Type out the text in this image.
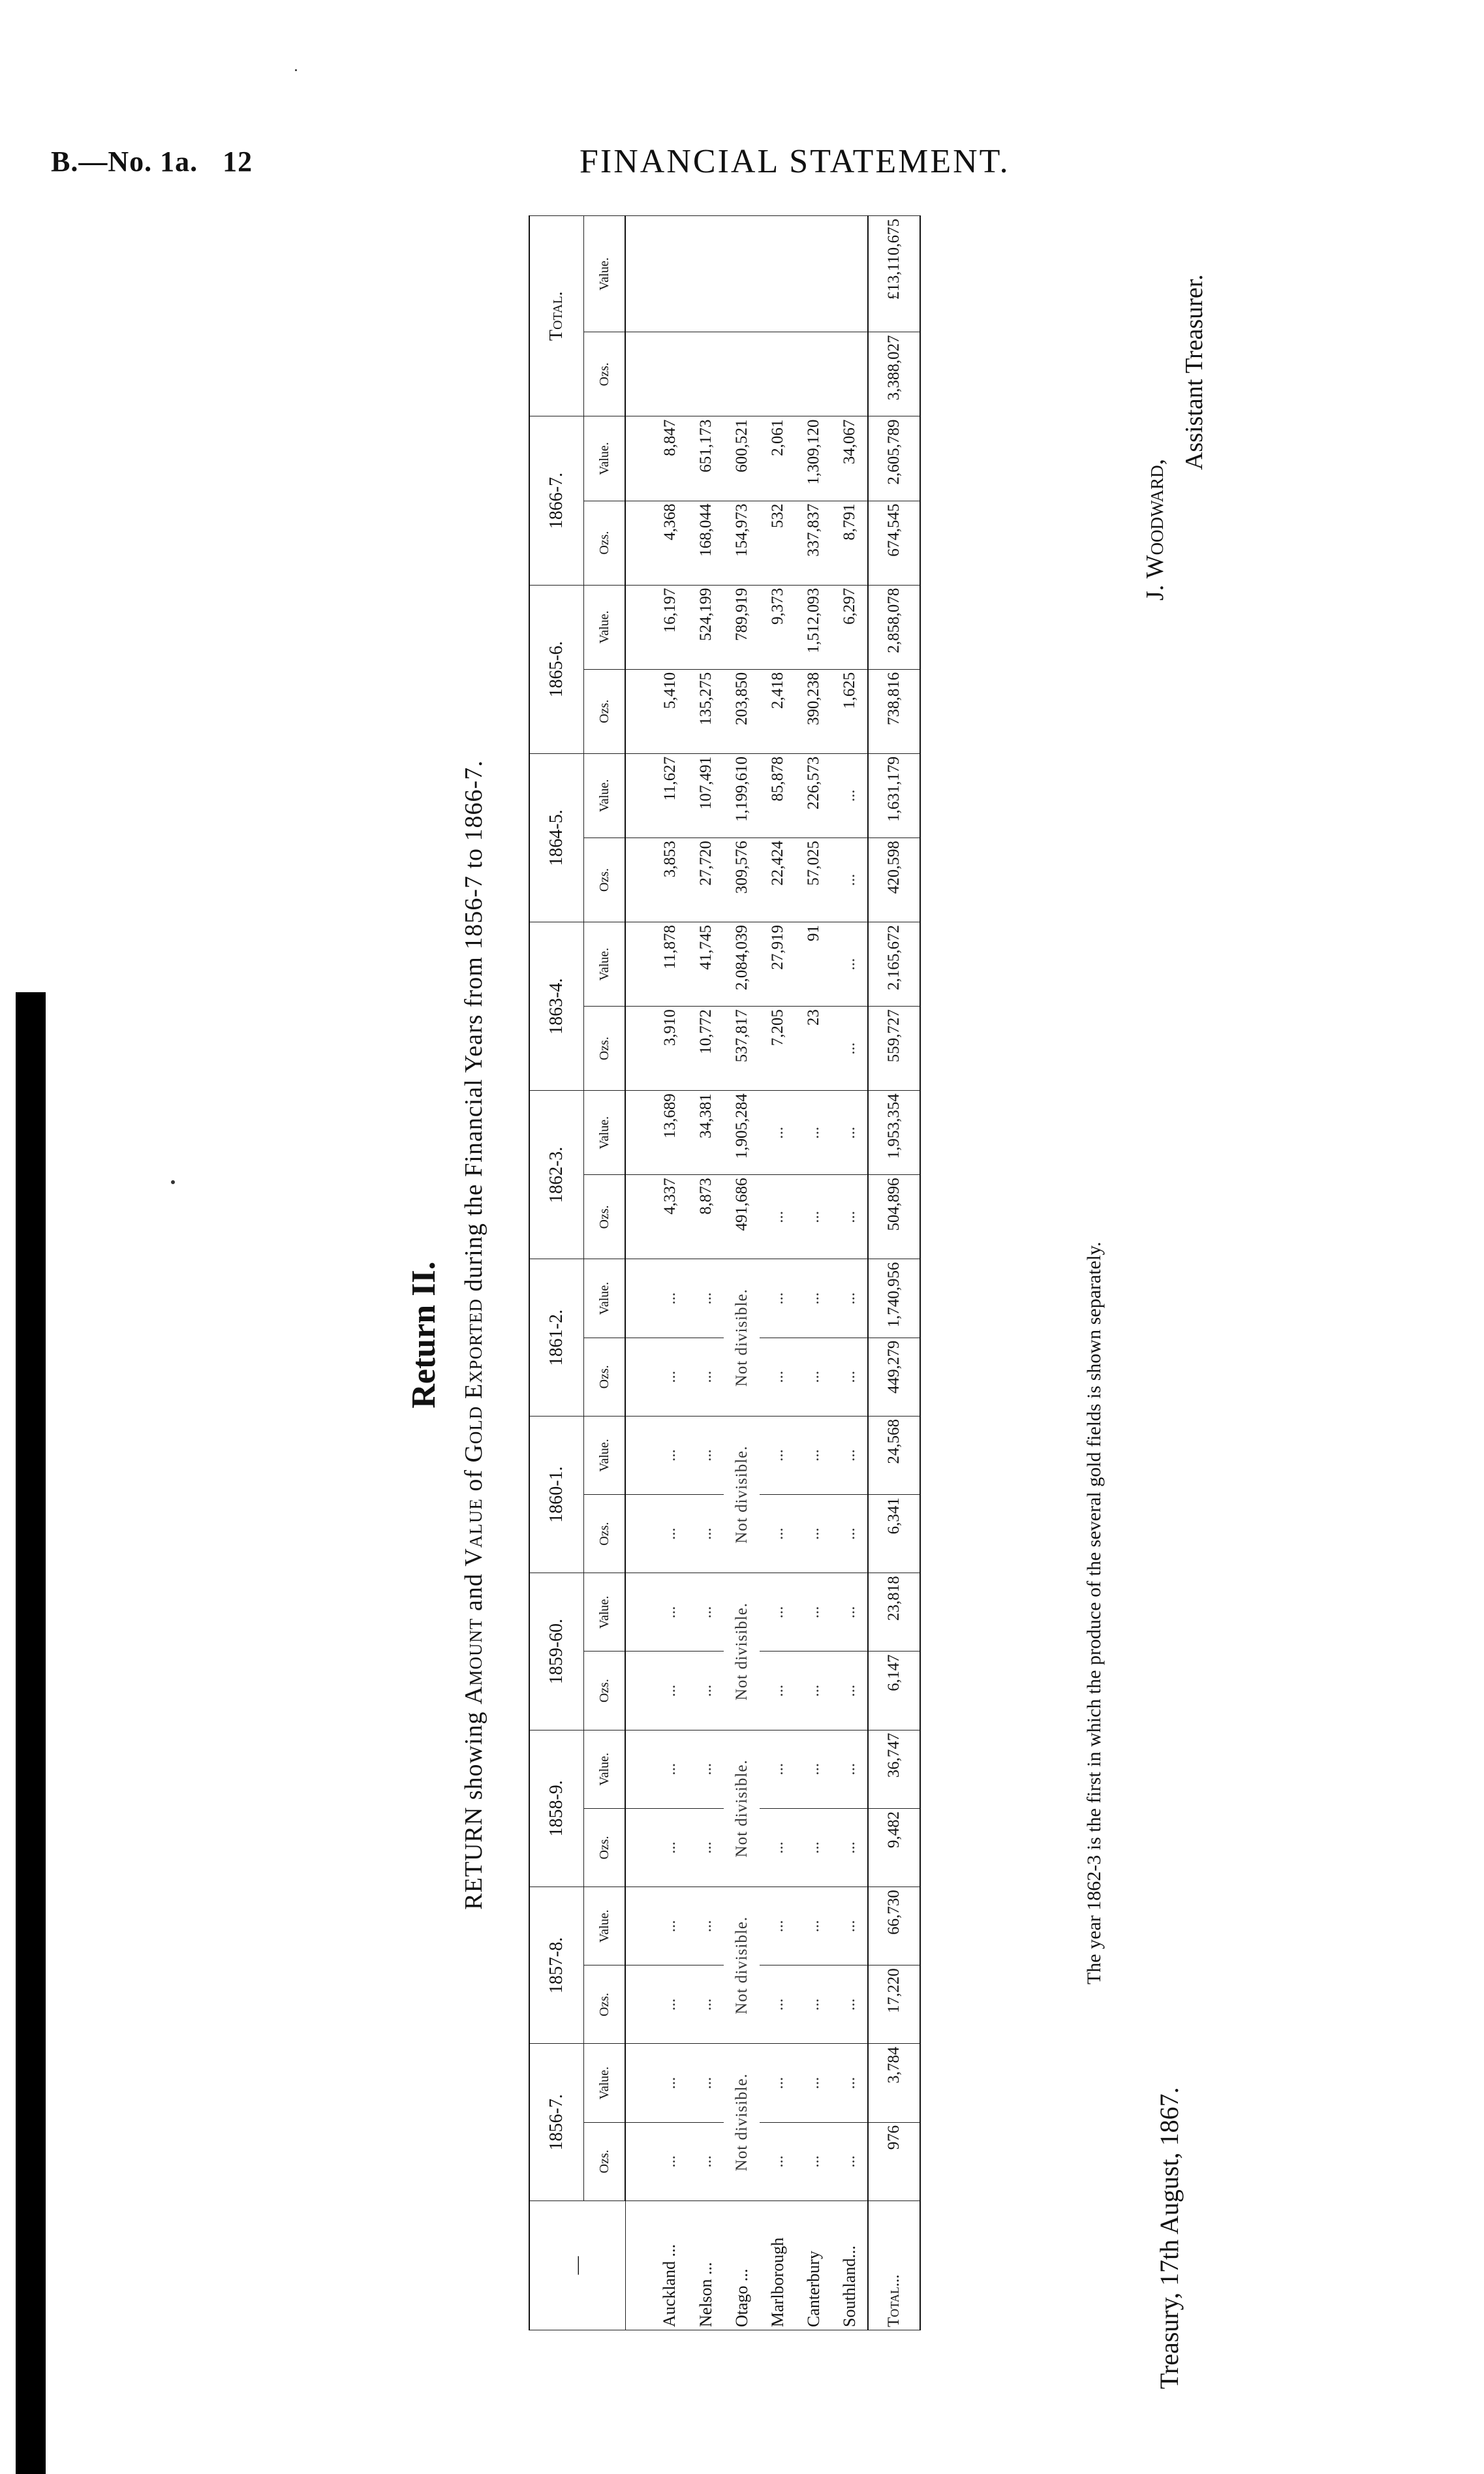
B.—No. 1a. 12	FINANCIAL STATEMENT.
Return II.
RETURN showing Amount and Value of Gold Exported during the Financial Years from 1856-7 to 1866-7.
—	1856-7.		1857-8.		1858-9.		1859-60.		1860-1.		1861-2.		1862-3.		1863-4.		1864-5.		1865-6.		1866-7.		Total.	
	Ozs.	Value.	Ozs.	Value.	Ozs.	Value.	Ozs.	Value.	Ozs.	Value.	Ozs.	Value.	Ozs.	Value.	Ozs.	Value.	Ozs.	Value.	Ozs.	Value.	Ozs.	Value.	Ozs.	Value.
Auckland ...	...	...	...	...	...	...	...	...	...	...	...	...	4,337	13,689	3,910	11,878	3,853	11,627	5,410	16,197	4,368	8,847		
Nelson ...	...	...	...	...	...	...	...	...	...	...	...	...	8,873	34,381	10,772	41,745	27,720	107,491	135,275	524,199	168,044	651,173		
Otago ...	Not divisible.		Not divisible.		Not divisible.		Not divisible.		Not divisible.		Not divisible.		491,686	1,905,284	537,817	2,084,039	309,576	1,199,610	203,850	789,919	154,973	600,521		
Marlborough	...	...	...	...	...	...	...	...	...	...	...	...	...	...	7,205	27,919	22,424	85,878	2,418	9,373	532	2,061		
Canterbury	...	...	...	...	...	...	...	...	...	...	...	...	...	...	23	91	57,025	226,573	390,238	1,512,093	337,837	1,309,120		
Southland...	...	...	...	...	...	...	...	...	...	...	...	...	...	...	...	...	...	...	1,625	6,297	8,791	34,067		
Total...	976	3,784	17,220	66,730	9,482	36,747	6,147	23,818	6,341	24,568	449,279	1,740,956	504,896	1,953,354	559,727	2,165,672	420,598	1,631,179	738,816	2,858,078	674,545	2,605,789	3,388,027	£13,110,675
The year 1862-3 is the first in which the produce of the several gold fields is shown separately.
Treasury, 17th August, 1867.
J. Woodward,
Assistant Treasurer.
